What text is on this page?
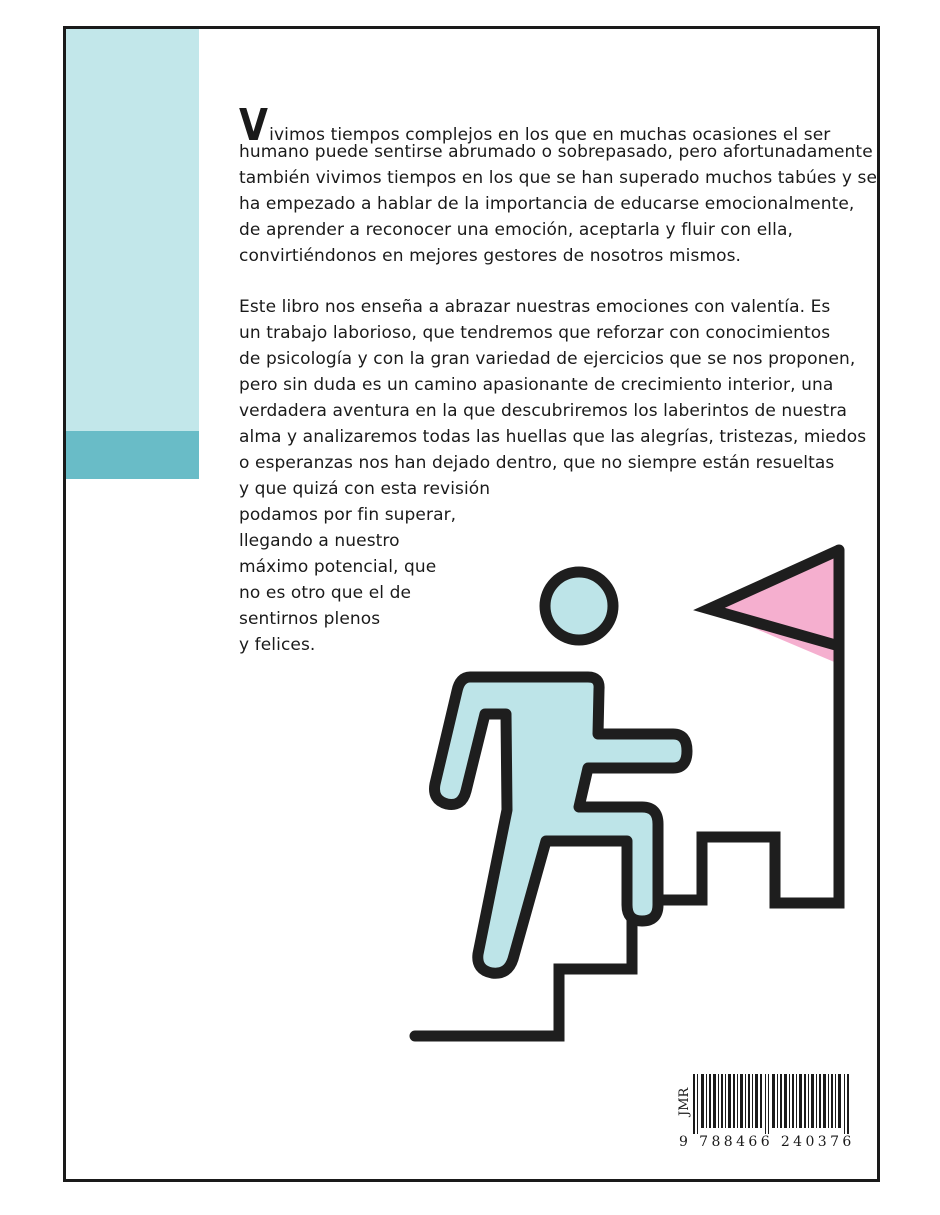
Vivimos tiempos complejos en los que en muchas ocasiones el ser
humano puede sentirse abrumado o sobrepasado, pero afortunadamente
también vivimos tiempos en los que se han superado muchos tabúes y se
ha empezado a hablar de la importancia de educarse emocionalmente,
de aprender a reconocer una emoción, aceptarla y fluir con ella,
convirtiéndonos en mejores gestores de nosotros mismos.
Este libro nos enseña a abrazar nuestras emociones con valentía. Es
un trabajo laborioso, que tendremos que reforzar con conocimientos
de psicología y con la gran variedad de ejercicios que se nos proponen,
pero sin duda es un camino apasionante de crecimiento interior, una
verdadera aventura en la que descubriremos los laberintos de nuestra
alma y analizaremos todas las huellas que las alegrías, tristezas, miedos
o esperanzas nos han dejado dentro, que no siempre están resueltas
y que quizá con esta revisión
podamos por fin superar,
llegando a nuestro
máximo potencial, que
no es otro que el de
sentirnos plenos
y felices.
JMR
9 788466 240376
